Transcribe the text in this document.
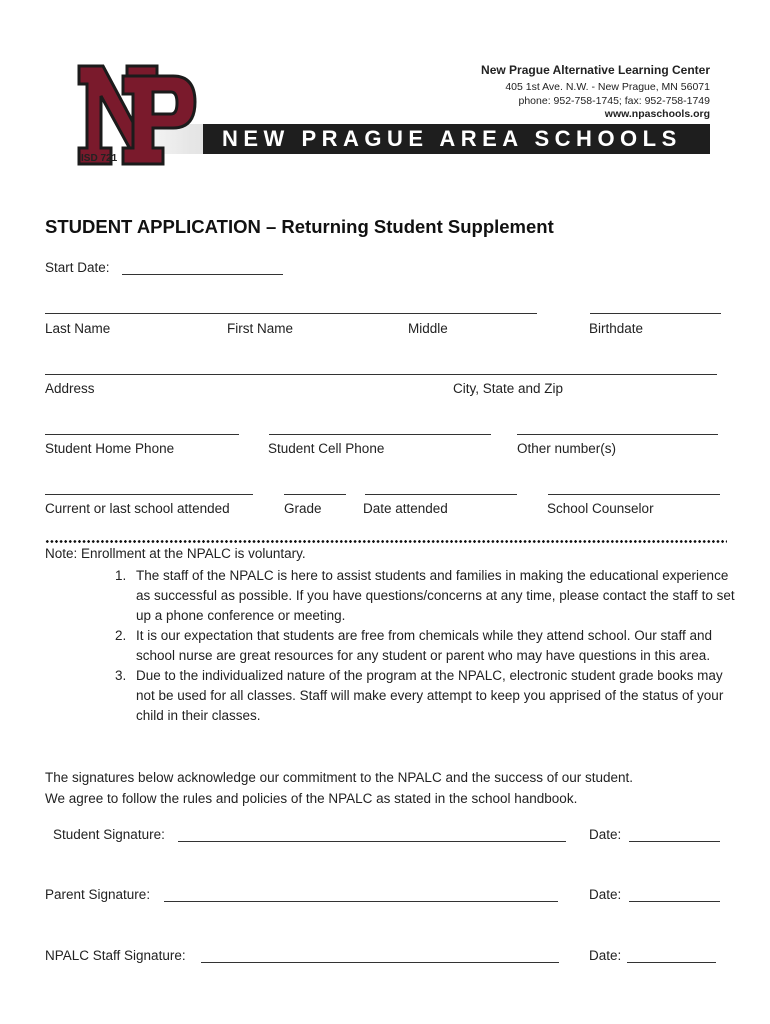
NEW PRAGUE AREA SCHOOLS
ISD 721
New Prague Alternative Learning Center
405 1st Ave. N.W. - New Prague, MN 56071
phone: 952-758-1745; fax: 952-758-1749
www.npaschools.org
STUDENT APPLICATION – Returning Student Supplement
Start Date:
Last Name	First Name	Middle	Birthdate
Address	City, State and Zip
Student Home Phone	Student Cell Phone	Other number(s)
Current or last school attended	Grade	Date attended	School Counselor
Note: Enrollment at the NPALC is voluntary.
1. The staff of the NPALC is here to assist students and families in making the educational experience as successful as possible. If you have questions/concerns at any time, please contact the staff to set up a phone conference or meeting.
2. It is our expectation that students are free from chemicals while they attend school. Our staff and school nurse are great resources for any student or parent who may have questions in this area.
3. Due to the individualized nature of the program at the NPALC, electronic student grade books may not be used for all classes. Staff will make every attempt to keep you apprised of the status of your child in their classes.
The signatures below acknowledge our commitment to the NPALC and the success of our student.
We agree to follow the rules and policies of the NPALC as stated in the school handbook.
Student Signature:	Date:
Parent Signature:	Date:
NPALC Staff Signature:	Date:
